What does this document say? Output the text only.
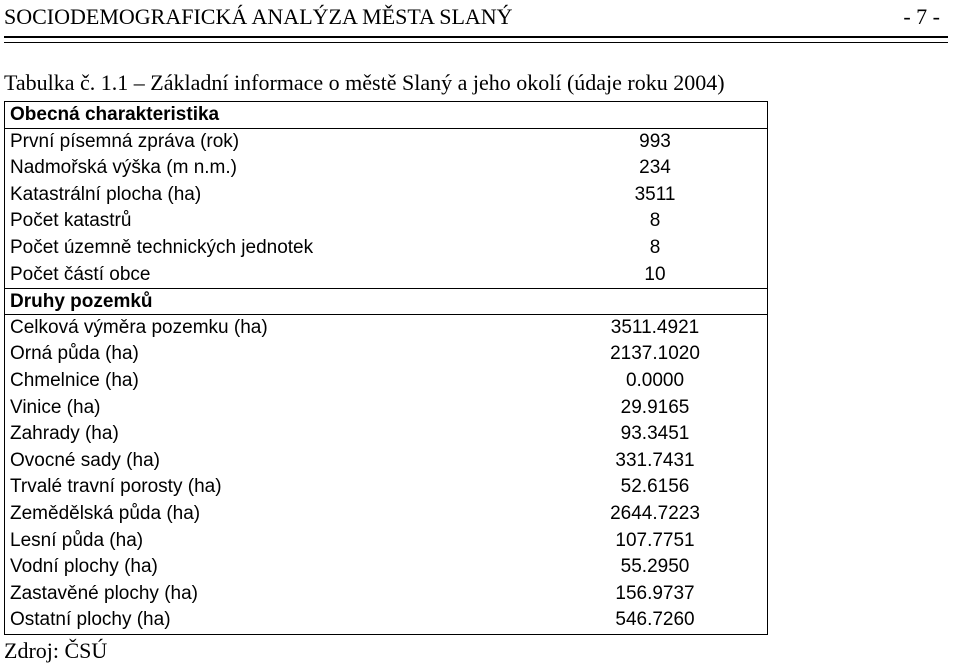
SOCIODEMOGRAFICKÁ ANALÝZA MĚSTA SLANÝ	- 7 -
Tabulka č. 1.1 – Základní informace o městě Slaný a jeho okolí (údaje roku 2004)
Obecná charakteristika
První písemná zpráva (rok)	993
Nadmořská výška (m n.m.)	234
Katastrální plocha (ha)	3511
Počet katastrů	8
Počet územně technických jednotek	8
Počet částí obce	10
Druhy pozemků
Celková výměra pozemku (ha)	3511.4921
Orná půda (ha)	2137.1020
Chmelnice (ha)	0.0000
Vinice (ha)	29.9165
Zahrady (ha)	93.3451
Ovocné sady (ha)	331.7431
Trvalé travní porosty (ha)	52.6156
Zemědělská půda (ha)	2644.7223
Lesní půda (ha)	107.7751
Vodní plochy (ha)	55.2950
Zastavěné plochy (ha)	156.9737
Ostatní plochy (ha)	546.7260
Zdroj: ČSÚ
